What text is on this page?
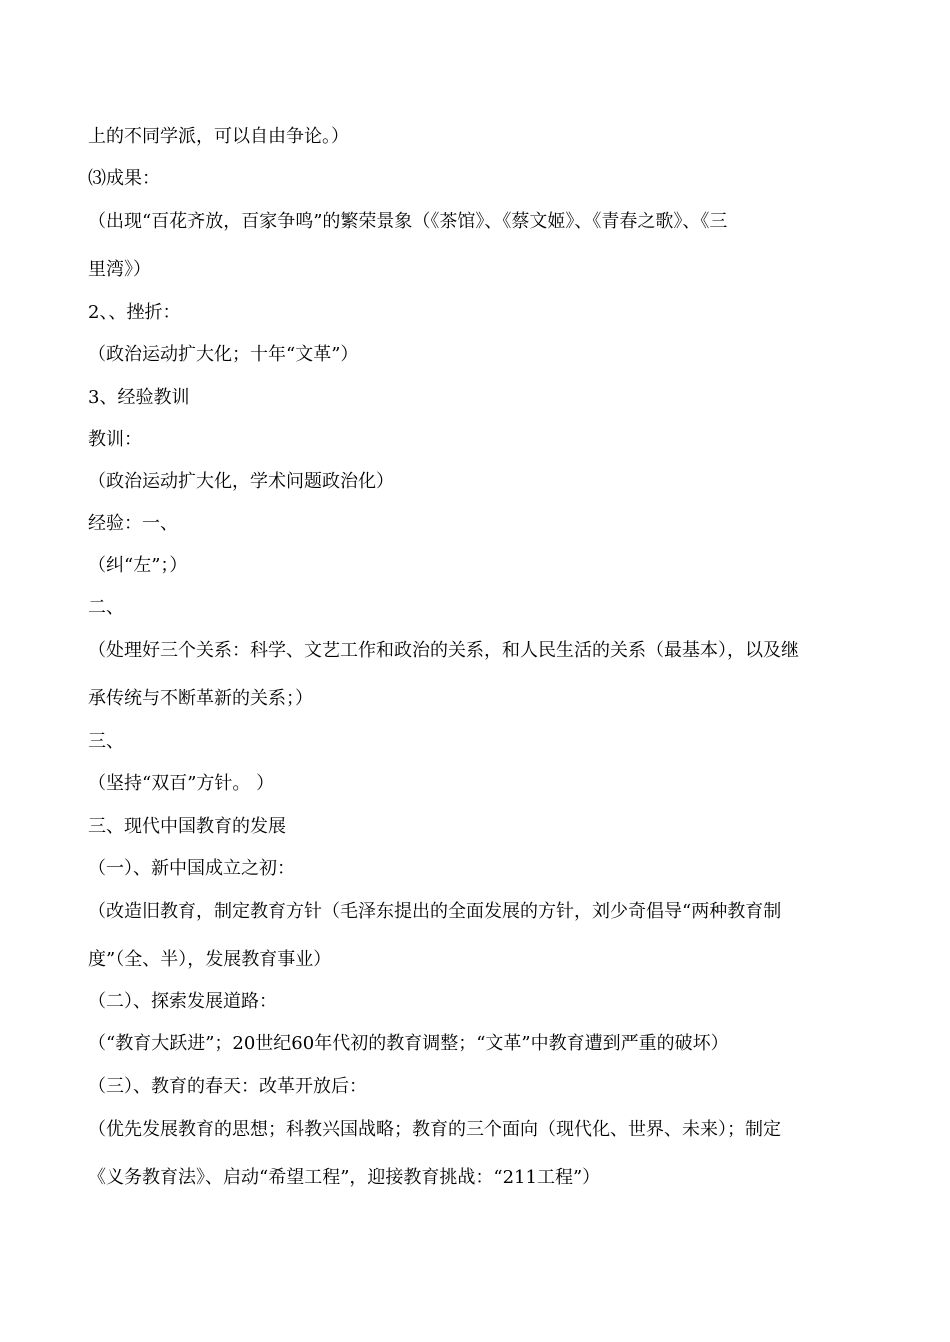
上的不同学派，可以自由争论。）
⑶成果：
（出现“百花齐放，百家争鸣”的繁荣景象（《茶馆》、《蔡文姬》、《青春之歌》、《三
里湾》）
2、、挫折：
（政治运动扩大化；十年“文革”）
3、经验教训
教训：
（政治运动扩大化，学术问题政治化）
经验：一、
（纠“左”；）
二、
（处理好三个关系：科学、文艺工作和政治的关系，和人民生活的关系（最基本），以及继
承传统与不断革新的关系；）
三、
（坚持“双百”方针。 ）
三、现代中国教育的发展
（一）、新中国成立之初：
（改造旧教育，制定教育方针（毛泽东提出的全面发展的方针，刘少奇倡导“两种教育制
度”（全、半），发展教育事业）
（二）、探索发展道路：
（“教育大跃进”；20世纪60年代初的教育调整；“文革”中教育遭到严重的破坏）
（三）、教育的春天：改革开放后：
（优先发展教育的思想；科教兴国战略；教育的三个面向（现代化、世界、未来）；制定
《义务教育法》、启动“希望工程”，迎接教育挑战：“211工程”）
